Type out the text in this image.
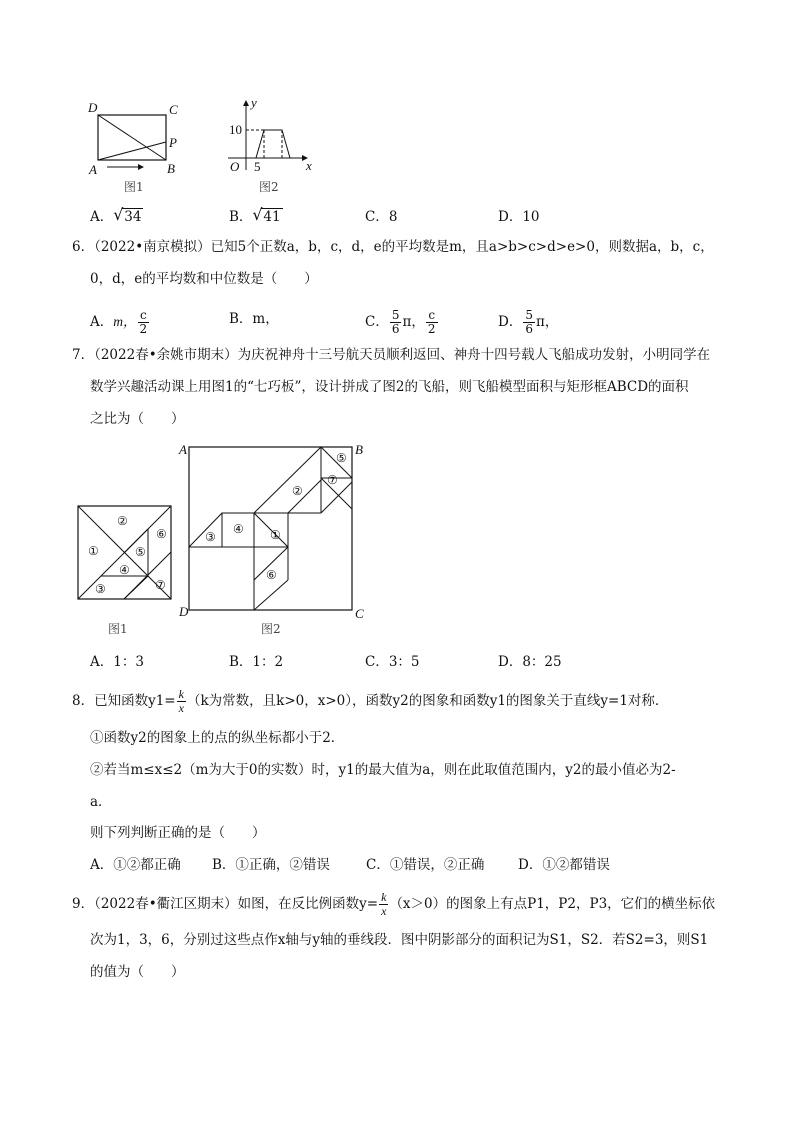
D	C
P
A	B
图1
y
10
O 5	x
图2
A． √ 34	B． √ 41	C．8	D．10
6．（2022•南京模拟）已知5个正数a，b，c，d，e的平均数是m，且a>b>c>d>e>0，则数据a，b，c，
0，d，e的平均数和中位数是（　　）
A．m， $\frac{c}{2}$	B．m，	C． $\frac{5}{6}$ π， $\frac{c}{2}$	D． $\frac{5}{6}$ π，
7．（2022春•余姚市期末）为庆祝神舟十三号航天员顺利返回、神舟十四号载人飞船成功发射，小明同学在
数学兴趣活动课上用图1的“七巧板”，设计拼成了图2的飞船，则飞船模型面积与矩形框ABCD的面积
之比为（　　）
②
①
⑥
⑤
④
⑦
③
图1
A	B
D	C
⑤
⑦
②
④
③	①
⑥
图2
A．1：3	B．1：2	C．3：5	D．8：25
8．已知函数$y1= \frac{k}{x} (k$为常数，且k>0，x>0），函数y2的图象和函数y1的图象关于直线y=1对称．
①函数y2的图象上的点的纵坐标都小于2．
②若当m≤x≤2（m为大于0的实数）时，y1的最大值为a，则在此取值范围内，y2的最小值必为2-
a．
则下列判断正确的是（　　）
A．①②都正确 B．①正确，②错误	C．①错误，②正确 D．①②都错误
9．（2022春•衢江区期末）如图，在反比例函数$y= \frac{k}{x} (x>0)$的图象上有点P1，P2，P3，它们的横坐标依
次为1，3，6，分别过这些点作x轴与y轴的垂线段．图中阴影部分的面积记为S1，S2．若S2=3，则S1
的值为（　　）
